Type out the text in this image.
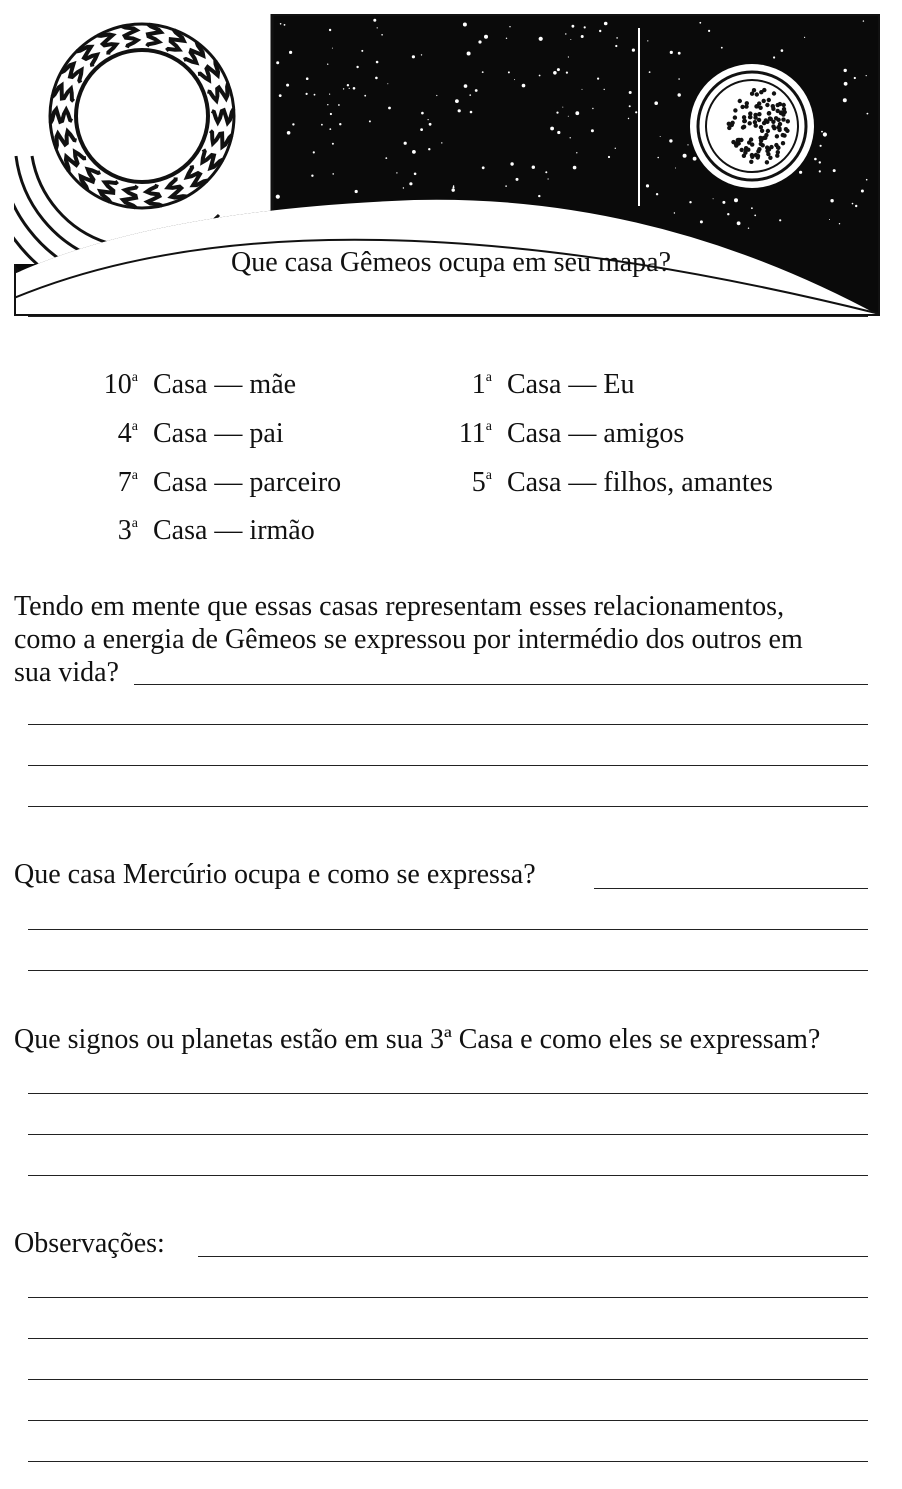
Que casa Gêmeos ocupa em seu mapa?
10$^a$ Casa — mãe
4$^a$ Casa — pai
7$^a$ Casa — parceiro
3$^a$ Casa — irmão
1$^a$ Casa — Eu
11$^a$ Casa — amigos
5$^a$ Casa — filhos, amantes
Tendo em mente que essas casas representam esses relacionamentos,
como a energia de Gêmeos se expressou por intermédio dos outros em
sua vida?
Que casa Mercúrio ocupa e como se expressa?
Que signos ou planetas estão em sua 3ª Casa e como eles se expressam?
Observações:
